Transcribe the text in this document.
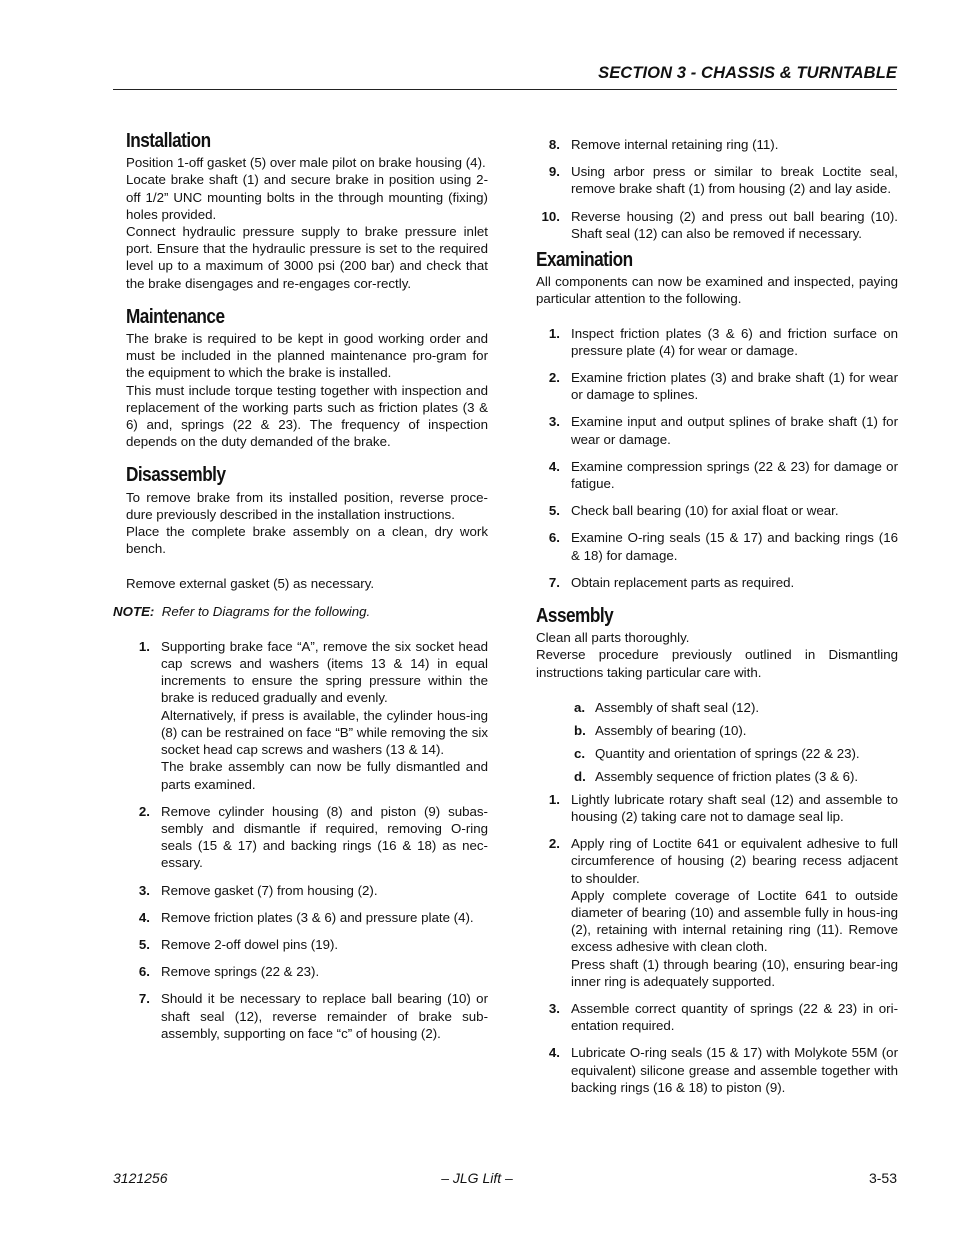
SECTION 3 - CHASSIS & TURNTABLE
Installation

Position 1-off gasket (5) over male pilot on brake housing (4).

Locate brake shaft (1) and secure brake in position using 2-off 1/2” UNC mounting bolts in the through mounting (fixing) holes provided.

Connect hydraulic pressure supply to brake pressure inlet port. Ensure that the hydraulic pressure is set to the required level up to a maximum of 3000 psi (200 bar) and check that the brake disengages and re-engages cor-rectly.

Maintenance

The brake is required to be kept in good working order and must be included in the planned maintenance pro-gram for the equipment to which the brake is installed.

This must include torque testing together with inspection and replacement of the working parts such as friction plates (3 & 6) and, springs (22 & 23). The frequency of inspection depends on the duty demanded of the brake.

Disassembly

To remove brake from its installed position, reverse proce-dure previously described in the installation instructions.

Place the complete brake assembly on a clean, dry work bench.

Remove external gasket (5) as necessary.

NOTE: Refer to Diagrams for the following.
1. Supporting brake face “A”, remove the six socket head cap screws and washers (items 13 & 14) in equal increments to ensure the spring pressure within the brake is reduced gradually and evenly.

Alternatively, if press is available, the cylinder hous-ing (8) can be restrained on face “B” while removing the six socket head cap screws and washers (13 & 14).

The brake assembly can now be fully dismantled and parts examined.

2. Remove cylinder housing (8) and piston (9) subas-sembly and dismantle if required, removing O-ring seals (15 & 17) and backing rings (16 & 18) as nec-essary.

3. Remove gasket (7) from housing (2).

4. Remove friction plates (3 & 6) and pressure plate (4).

5. Remove 2-off dowel pins (19).

6. Remove springs (22 & 23).

7. Should it be necessary to replace ball bearing (10) or shaft seal (12), reverse remainder of brake sub-assembly, supporting on face “c” of housing (2).

8. Remove internal retaining ring (11).

9. Using arbor press or similar to break Loctite seal, remove brake shaft (1) from housing (2) and lay aside.

10. Reverse housing (2) and press out ball bearing (10). Shaft seal (12) can also be removed if necessary.

Examination

All components can now be examined and inspected, paying particular attention to the following.

1. Inspect friction plates (3 & 6) and friction surface on pressure plate (4) for wear or damage.

2. Examine friction plates (3) and brake shaft (1) for wear or damage to splines.

3. Examine input and output splines of brake shaft (1) for wear or damage.

4. Examine compression springs (22 & 23) for damage or fatigue.

5. Check ball bearing (10) for axial float or wear.

6. Examine O-ring seals (15 & 17) and backing rings (16 & 18) for damage.

7. Obtain replacement parts as required.

Assembly

Clean all parts thoroughly.

Reverse procedure previously outlined in Dismantling instructions taking particular care with.

a. Assembly of shaft seal (12).
b. Assembly of bearing (10).
c. Quantity and orientation of springs (22 & 23).
d. Assembly sequence of friction plates (3 & 6).
1. Lightly lubricate rotary shaft seal (12) and assemble to housing (2) taking care not to damage seal lip.

2. Apply ring of Loctite 641 or equivalent adhesive to full circumference of housing (2) bearing recess adjacent to shoulder.

Apply complete coverage of Loctite 641 to outside diameter of bearing (10) and assemble fully in hous-ing (2), retaining with internal retaining ring (11). Remove excess adhesive with clean cloth.

Press shaft (1) through bearing (10), ensuring bear-ing inner ring is adequately supported.

3. Assemble correct quantity of springs (22 & 23) in ori-entation required.

4. Lubricate O-ring seals (15 & 17) with Molykote 55M (or equivalent) silicone grease and assemble together with backing rings (16 & 18) to piston (9).

3121256	– JLG Lift –	3-53
